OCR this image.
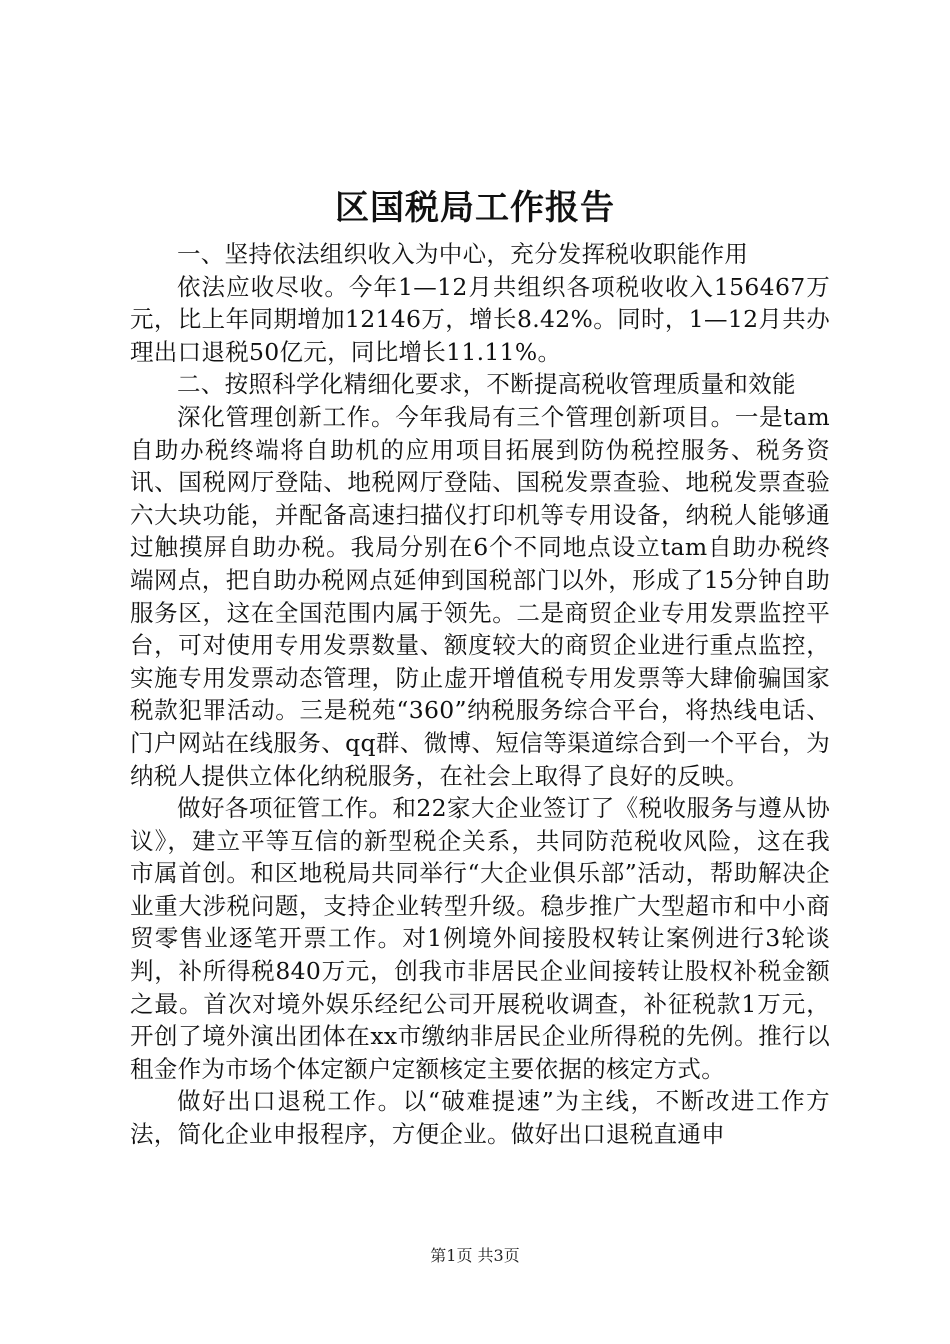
区国税局工作报告

一、坚持依法组织收入为中心，充分发挥税收职能作用

依法应收尽收。今年1—12月共组织各项税收收入156467万元，比上年同期增加12146万，增长8.42%。同时，1—12月共办理出口退税50亿元，同比增长11.11%。

二、按照科学化精细化要求，不断提高税收管理质量和效能

深化管理创新工作。今年我局有三个管理创新项目。一是tam自助办税终端将自助机的应用项目拓展到防伪税控服务、税务资讯、国税网厅登陆、地税网厅登陆、国税发票查验、地税发票查验六大块功能，并配备高速扫描仪打印机等专用设备，纳税人能够通过触摸屏自助办税。我局分别在6个不同地点设立tam自助办税终端网点，把自助办税网点延伸到国税部门以外，形成了15分钟自助服务区，这在全国范围内属于领先。二是商贸企业专用发票监控平台，可对使用专用发票数量、额度较大的商贸企业进行重点监控，实施专用发票动态管理，防止虚开增值税专用发票等大肆偷骗国家税款犯罪活动。三是税苑“360”纳税服务综合平台，将热线电话、门户网站在线服务、qq群、微博、短信等渠道综合到一个平台，为纳税人提供立体化纳税服务，在社会上取得了良好的反映。

做好各项征管工作。和22家大企业签订了《税收服务与遵从协议》，建立平等互信的新型税企关系，共同防范税收风险，这在我市属首创。和区地税局共同举行“大企业俱乐部”活动，帮助解决企业重大涉税问题，支持企业转型升级。稳步推广大型超市和中小商贸零售业逐笔开票工作。对1例境外间接股权转让案例进行3轮谈判，补所得税840万元，创我市非居民企业间接转让股权补税金额之最。首次对境外娱乐经纪公司开展税收调查，补征税款1万元，开创了境外演出团体在xx市缴纳非居民企业所得税的先例。推行以租金作为市场个体定额户定额核定主要依据的核定方式。

做好出口退税工作。以“破难提速”为主线，不断改进工作方法，简化企业申报程序，方便企业。做好出口退税直通申

第1页 共3页
